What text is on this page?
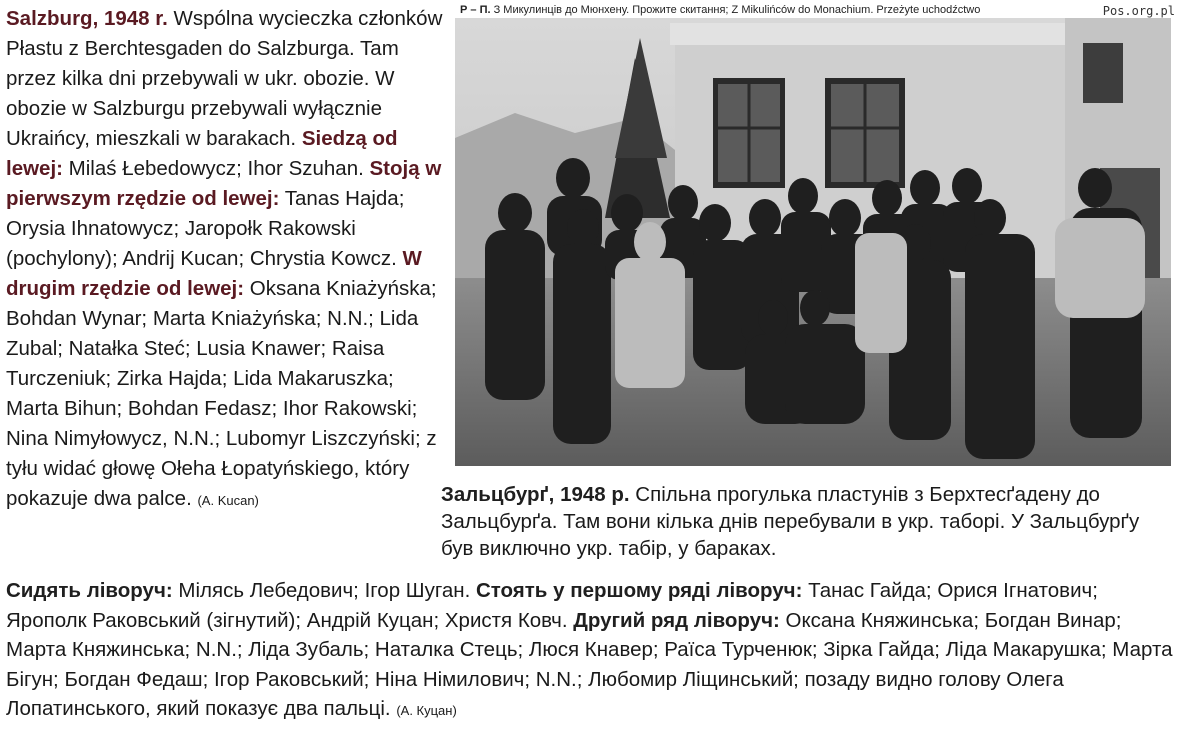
Salzburg, 1948 r. Wspólna wycieczka członków Płastu z Berchtesgaden do Salzburga. Tam przez kilka dni przebywali w ukr. obozie. W obozie w Salzburgu przebywali wyłącznie Ukraińcy, mieszkali w barakach. Siedzą od lewej: Milaś Łebedowycz; Ihor Szuhan. Stoją w pierwszym rzędzie od lewej: Tanas Hajda; Orysia Ihnatowycz; Jaropołk Rakowski (pochylony); Andrij Kucan; Chrystia Kowcz. W drugim rzędzie od lewej: Oksana Kniażyńska; Bohdan Wynar; Marta Kniażyńska; N.N.; Lida Zubal; Natałka Steć; Lusia Knawer; Raisa Turczeniuk; Zirka Hajda; Lida Makaruszka; Marta Bihun; Bohdan Fedasz; Ihor Rakowski; Nina Nimyłowycz, N.N.; Lubomyr Liszczyński; z tyłu widać głowę Ołeha Łopatyńskiego, który pokazuje dwa palce. (A. Kucan)

Р – П. З Микулинців до Мюнхену. Прожите скитання; Z Mikulińców do Monachium. Przeżyte uchodźctwo	Pos.org.pl

Зальцбурґ, 1948 р. Спільна прогулька пластунів з Берхтесґадену до Зальцбурґа. Там вони кілька днів перебували в укр. таборі. У Зальцбурґу був виключно укр. табір, у бараках.

Сидять ліворуч: Мілясь Лебедович; Ігор Шуган. Стоять у першому ряді ліворуч: Танас Гайда; Орися Ігнатович; Ярополк Раковський (зігнутий); Андрій Куцан; Христя Ковч. Другий ряд ліворуч: Оксана Княжинська; Богдан Винар; Марта Княжинська; N.N.; Ліда Зубаль; Наталка Стець; Люся Кнавер; Раїса Турченюк; Зірка Гайда; Ліда Макарушка; Марта Бігун; Богдан Федаш; Ігор Раковський; Ніна Німилович; N.N.; Любомир Ліщинський; позаду видно голову Олега Лопатинського, який показує два пальці. (А. Куцан)
